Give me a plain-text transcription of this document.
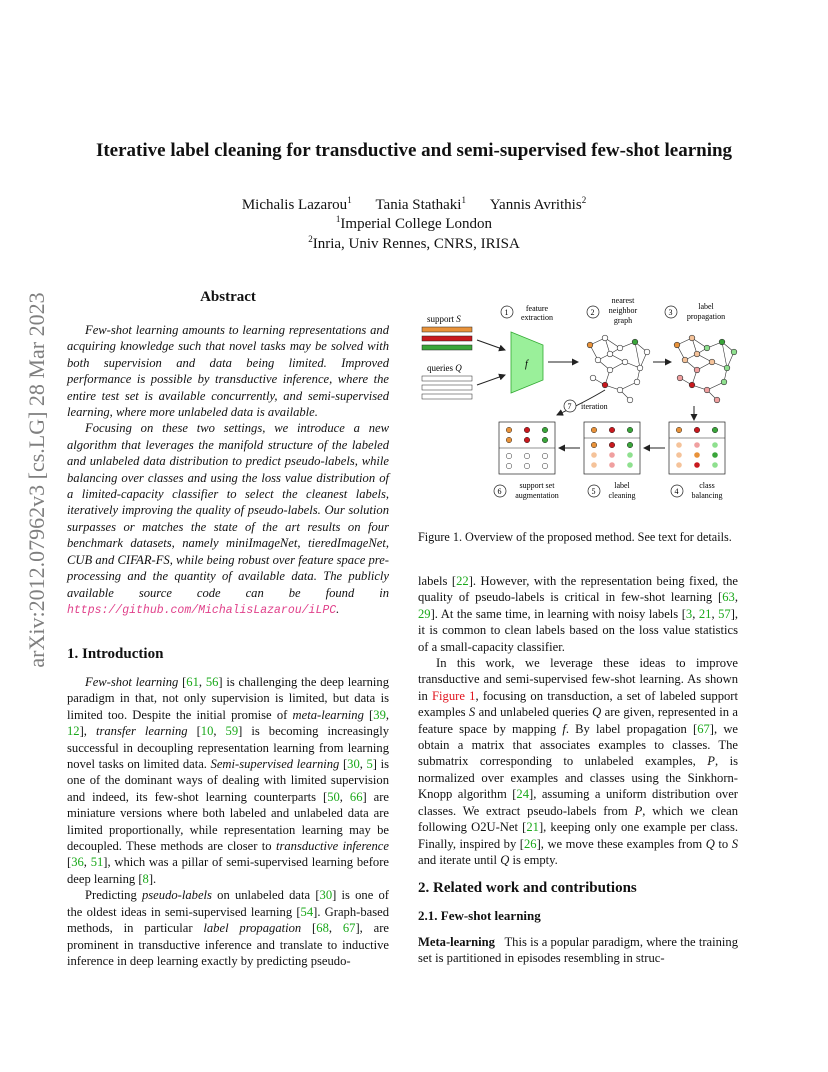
Iterative label cleaning for transductive and semi-supervised few-shot learning
Michalis Lazarou$^1$ Tania Stathaki$^1$ Yannis Avrithis$^2$
$^1$Imperial College London
$^2$Inria, Univ Rennes, CNRS, IRISA
arXiv:2012.07962v3 [cs.LG] 28 Mar 2023	Abstract

Few-shot learning amounts to learning representations and acquiring knowledge such that novel tasks may be solved with both supervision and data being limited. Improved performance is possible by transductive inference, where the entire test set is available concurrently, and semi-supervised learning, where more unlabeled data is available.

Focusing on these two settings, we introduce a new algorithm that leverages the manifold structure of the labeled and unlabeled data distribution to predict pseudo-labels, while balancing over classes and using the loss value distribution of a limited-capacity classifier to select the cleanest labels, iteratively improving the quality of pseudo-labels. Our solution surpasses or matches the state of the art results on four benchmark datasets, namely miniImageNet, tieredImageNet, CUB and CIFAR-FS, while being robust over feature space pre-processing and the quantity of available data. The publicly available source code can be found in https://github.com/MichalisLazarou/iLPC.

1. Introduction

Few-shot learning [61, 56] is challenging the deep learning paradigm in that, not only supervision is limited, but data is limited too. Despite the initial promise of meta-learning [39, 12], transfer learning [10, 59] is becoming increasingly successful in decoupling representation learning from learning novel tasks on limited data. Semi-supervised learning [30, 5] is one of the dominant ways of dealing with limited supervision and indeed, its few-shot learning counterparts [50, 66] are miniature versions where both labeled and unlabeled data are limited proportionally, while representation learning may be decoupled. These methods are closer to transductive inference [36, 51], which was a pillar of semi-supervised learning before deep learning [8].

Predicting pseudo-labels on unlabeled data [30] is one of the oldest ideas in semi-supervised learning [54]. Graph-based methods, in particular label propagation [68, 67], are prominent in transductive inference and translate to inductive inference in deep learning exactly by predicting pseudo-

support S
queries Q	f
1 feature
extraction
2
nearest
neighbor
graph
3
label
propagation
7 iteration
6
support set
augmentation	5
label
cleaning	4
class
balancing
Figure 1. Overview of the proposed method. See text for details.

labels [22]. However, with the representation being fixed, the quality of pseudo-labels is critical in few-shot learning [63, 29]. At the same time, in learning with noisy labels [3, 21, 57], it is common to clean labels based on the loss value statistics of a small-capacity classifier.

In this work, we leverage these ideas to improve transductive and semi-supervised few-shot learning. As shown in Figure 1, focusing on transduction, a set of labeled support examples S and unlabeled queries Q are given, represented in a feature space by mapping f. By label propagation [67], we obtain a matrix that associates examples to classes. The submatrix corresponding to unlabeled examples, P, is normalized over examples and classes using the Sinkhorn-Knopp algorithm [24], assuming a uniform distribution over classes. We extract pseudo-labels from P, which we clean following O2U-Net [21], keeping only one example per class. Finally, inspired by [26], we move these examples from Q to S and iterate until Q is empty.

2. Related work and contributions
2.1. Few-shot learning

Meta-learning This is a popular paradigm, where the training set is partitioned in episodes resembling in struc-
